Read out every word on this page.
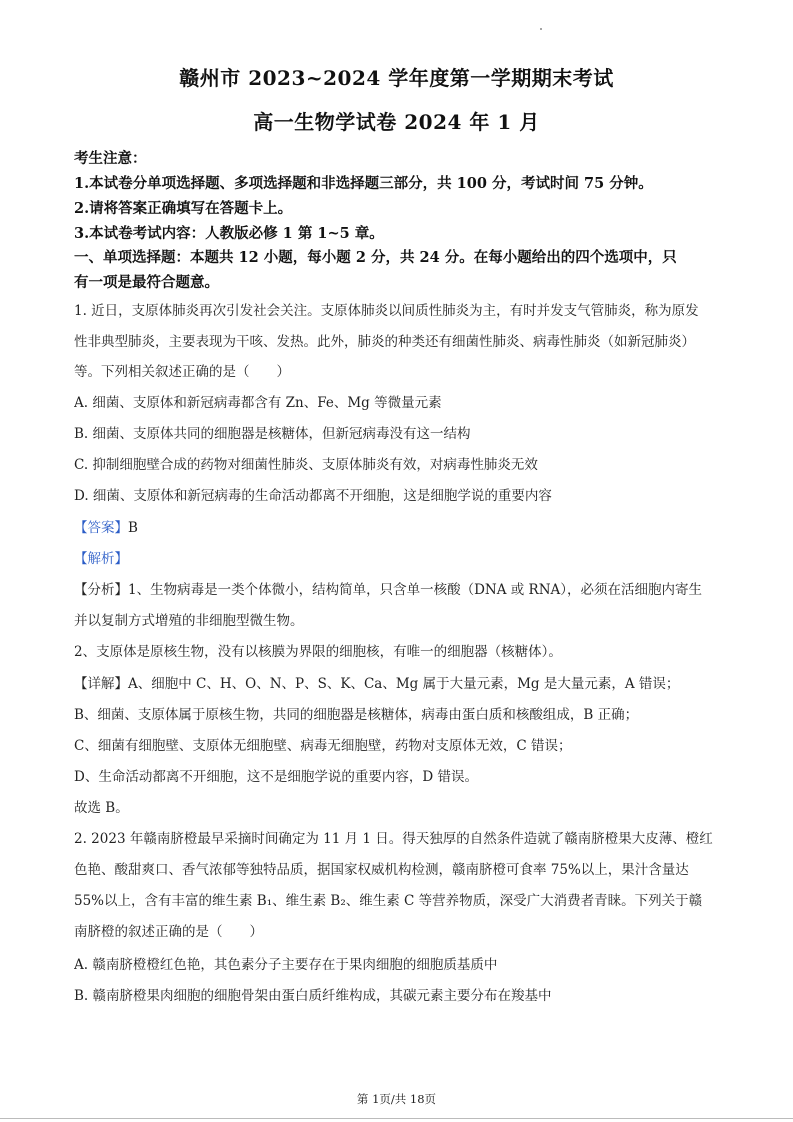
赣州市 2023~2024 学年度第一学期期末考试
高一生物学试卷 2024 年 1 月
考生注意：
1.本试卷分单项选择题、多项选择题和非选择题三部分，共 100 分，考试时间 75 分钟。
2.请将答案正确填写在答题卡上。
3.本试卷考试内容：人教版必修 1 第 1~5 章。
一、单项选择题：本题共 12 小题，每小题 2 分，共 24 分。在每小题给出的四个选项中，只
有一项是最符合题意。
1. 近日，支原体肺炎再次引发社会关注。支原体肺炎以间质性肺炎为主，有时并发支气管肺炎，称为原发
性非典型肺炎，主要表现为干咳、发热。此外，肺炎的种类还有细菌性肺炎、病毒性肺炎（如新冠肺炎）
等。下列相关叙述正确的是（　　）
A. 细菌、支原体和新冠病毒都含有 Zn、Fe、Mg 等微量元素
B. 细菌、支原体共同的细胞器是核糖体，但新冠病毒没有这一结构
C. 抑制细胞壁合成的药物对细菌性肺炎、支原体肺炎有效，对病毒性肺炎无效
D. 细菌、支原体和新冠病毒的生命活动都离不开细胞，这是细胞学说的重要内容
【答案】B
【解析】
【分析】1、生物病毒是一类个体微小，结构简单，只含单一核酸（DNA 或 RNA），必须在活细胞内寄生
并以复制方式增殖的非细胞型微生物。
2、支原体是原核生物，没有以核膜为界限的细胞核，有唯一的细胞器（核糖体）。
【详解】A、细胞中 C、H、O、N、P、S、K、Ca、Mg 属于大量元素，Mg 是大量元素，A 错误；
B、细菌、支原体属于原核生物，共同的细胞器是核糖体，病毒由蛋白质和核酸组成，B 正确；
C、细菌有细胞壁、支原体无细胞壁、病毒无细胞壁，药物对支原体无效，C 错误；
D、生命活动都离不开细胞，这不是细胞学说的重要内容，D 错误。
故选 B。
2. 2023 年赣南脐橙最早采摘时间确定为 11 月 1 日。得天独厚的自然条件造就了赣南脐橙果大皮薄、橙红
色艳、酸甜爽口、香气浓郁等独特品质，据国家权威机构检测，赣南脐橙可食率 75%以上，果汁含量达
55%以上，含有丰富的维生素 B₁、维生素 B₂、维生素 C 等营养物质，深受广大消费者青睐。下列关于赣
南脐橙的叙述正确的是（　　）
A. 赣南脐橙橙红色艳，其色素分子主要存在于果肉细胞的细胞质基质中
B. 赣南脐橙果肉细胞的细胞骨架由蛋白质纤维构成，其碳元素主要分布在羧基中
第 1页/共 18页
